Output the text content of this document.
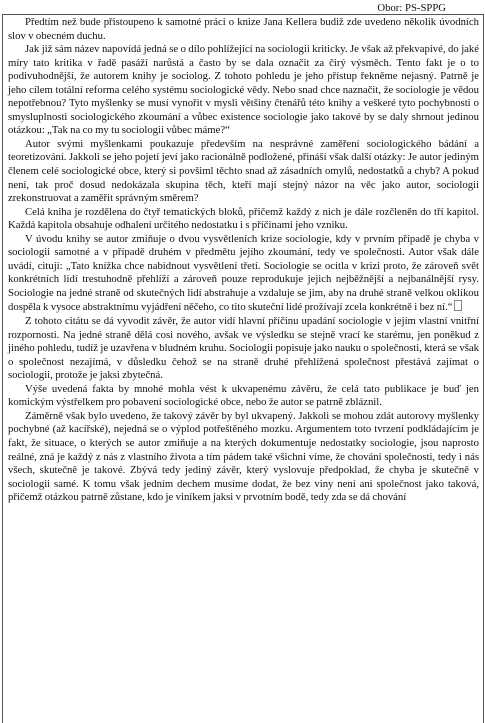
Obor: PS-SPPG

Předtím než bude přistoupeno k samotné práci o knize Jana Kellera budiž zde uvedeno několik úvodních slov v obecném duchu.

Jak již sám název napovídá jedná se o dílo pohlížející na sociologii kriticky. Je však až překvapivé, do jaké míry tato kritika v řadě pasáží narůstá a často by se dala označit za čirý výsměch. Tento fakt je o to podivuhodnější, že autorem knihy je sociolog. Z tohoto pohledu je jeho přístup řekněme nejasný. Patrně je jeho cílem totální reforma celého systému sociologické vědy. Nebo snad chce naznačit, že sociologie je vědou nepotřebnou? Tyto myšlenky se musí vynořit v mysli většiny čtenářů této knihy a veškeré tyto pochybnosti o smysluplnosti sociologického zkoumání a vůbec existence sociologie jako takové by se daly shrnout jedinou otázkou: „Tak na co my tu sociologii vůbec máme?“

Autor svými myšlenkami poukazuje především na nesprávné zaměření sociologického bádání a teoretizování. Jakkoli se jeho pojetí jeví jako racionálně podložené, přináší však další otázky: Je autor jediným členem celé sociologické obce, který si povšiml těchto snad až zásadních omylů, nedostatků a chyb? A pokud není, tak proč dosud nedokázala skupina těch, kteří mají stejný názor na věc jako autor, sociologii zrekonstruovat a zaměřit správným směrem?

Celá kniha je rozdělena do čtyř tematických bloků, přičemž každý z nich je dále rozčleněn do tří kapitol. Každá kapitola obsahuje odhalení určitého nedostatku i s příčinami jeho vzniku.

V úvodu knihy se autor zmiňuje o dvou vysvětleních krize sociologie, kdy v prvním případě je chyba v sociologii samotné a v případě druhém v předmětu jejího zkoumání, tedy ve společnosti. Autor však dále uvádí, cituji: „Tato knížka chce nabídnout vysvětlení třetí. Sociologie se ocitla v krizi proto, že zároveň svět konkrétních lidí trestuhodně přehlíží a zároveň pouze reprodukuje jejich nejběžnější a nejbanálnější rysy. Sociologie na jedné straně od skutečných lidí abstrahuje a vzdaluje se jim, aby na druhé straně velkou oklikou dospěla k vysoce abstraktnímu vyjádření něčeho, co tito skuteční lidé prožívají zcela konkrétně i bez ní.“

Z tohoto citátu se dá vyvodit závěr, že autor vidí hlavní příčinu upadání sociologie v jejím vlastní vnitřní rozpornosti. Na jedné straně dělá cosi nového, avšak ve výsledku se stejně vrací ke starému, jen poněkud z jiného pohledu, tudíž je uzavřena v bludném kruhu. Sociologii popisuje jako nauku o společnosti, která se však o společnost nezajímá, v důsledku čehož se na straně druhé přehlížená společnost přestává zajímat o sociologii, protože je jaksi zbytečná.

Výše uvedená fakta by mnohé mohla vést k ukvapenému závěru, že celá tato publikace je buď jen komickým výstřelkem pro pobavení sociologické obce, nebo že autor se patrně zbláznil.

Záměrně však bylo uvedeno, že takový závěr by byl ukvapený. Jakkoli se mohou zdát autorovy myšlenky pochybné (až kacířské), nejedná se o výplod potřeštěného mozku. Argumentem toto tvrzení podkládajícím je fakt, že situace, o kterých se autor zmiňuje a na kterých dokumentuje nedostatky sociologie, jsou naprosto reálné, zná je každý z nás z vlastního života a tím pádem také všichni víme, že chování společnosti, tedy i nás všech, skutečně je takové. Zbývá tedy jediný závěr, který vyslovuje předpoklad, že chyba je skutečně v sociologii samé. K tomu však jedním dechem musíme dodat, že bez viny není ani společnost jako taková, přičemž otázkou patrně zůstane, kdo je viníkem jaksi v prvotním bodě, tedy zda se dá chování
